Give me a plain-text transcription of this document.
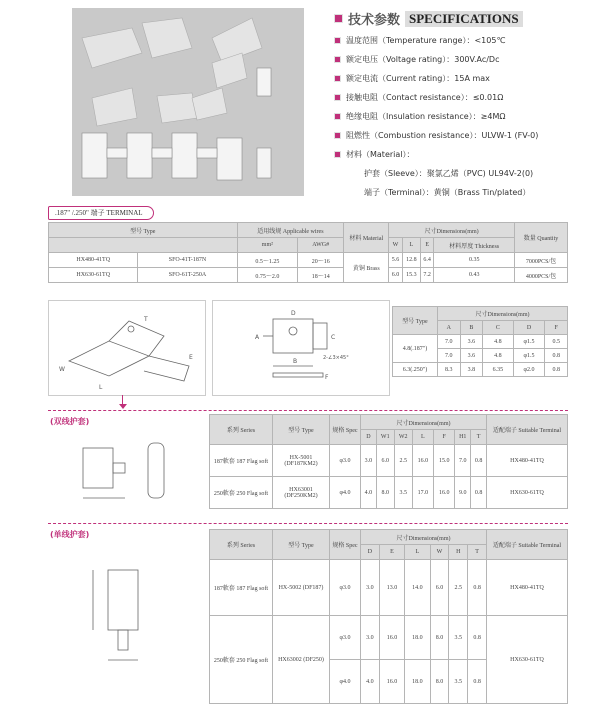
技术参数 SPECIFICATIONS
温度范围（Temperature range）：<105℃
额定电压（Voltage rating）：300V.Ac/Dc
额定电流（Current rating）：15A max
接触电阻（Contact resistance）：≤0.01Ω
绝缘电阻（Insulation resistance）：≥4MΩ
阻燃性（Combustion resistance）：ULVW-1 (FV-0)
材料（Material）：
护套（Sleeve）：聚氯乙烯（PVC) UL94V-2(0)
端子（Terminal）：黄铜（Brass Tin/plated）
.187" /.250" 端子 TERMINAL
型号 Type		适用线规 Applicable wires		材料 Material	尺寸Dimensions(mm)				数量 Quantity
		mm²	AWG#		W	L	E	材料厚度 Thickness	

HX480-41TQ	SFO-41T-187N	0.5～1.25	20～16	黄铜 Brass	5.6	12.8	6.4	0.35	7000PCS/包
HX630-61TQ	SFO-61T-250A	0.75～2.0	18～14		6.0	15.3	7.2	0.43	4000PCS/包
W
L
T
E
D
A	C
B
F
2-∠3×45°
型号 Type	尺寸Dimensions(mm)				
	A	B	C	D	F
4.8(.187")	7.0	3.6	4.8	φ1.5	0.5
	7.0	3.6	4.8	φ1.5	0.8
6.3(.250")	8.3	3.8	6.35	φ2.0	0.8
(双线护套)
系列 Series	型号 Type	规格 Spec	尺寸Dimensions(mm)							适配端子 Suitable Terminal
			D	W1	W2	L	F	H1	T	
187軟套 187 Flag soft	HX-5001 (DF187KM2)	φ3.0	3.0	6.0	2.5	16.0	15.0	7.0	0.8	HX480-41TQ
250軟套 250 Flag soft	HX63001 (DF250KM2)	φ4.0	4.0	8.0	3.5	17.0	16.0	9.0	0.8	HX630-61TQ
(单线护套)
系列 Series	型号 Type	规格 Spec	尺寸Dimensions(mm)						适配端子 Suitable Terminal
			D	E	L	W	H	T	
187軟套 187 Flag soft	HX-5002 (DF187)	φ3.0	3.0	13.0	14.0	6.0	2.5	0.8	HX480-41TQ
250軟套 250 Flag soft	HX63002 (DF250)	φ3.0	3.0	16.0	18.0	8.0	3.5	0.8	HX630-61TQ
		φ4.0	4.0	16.0	18.0	8.0	3.5	0.8	
